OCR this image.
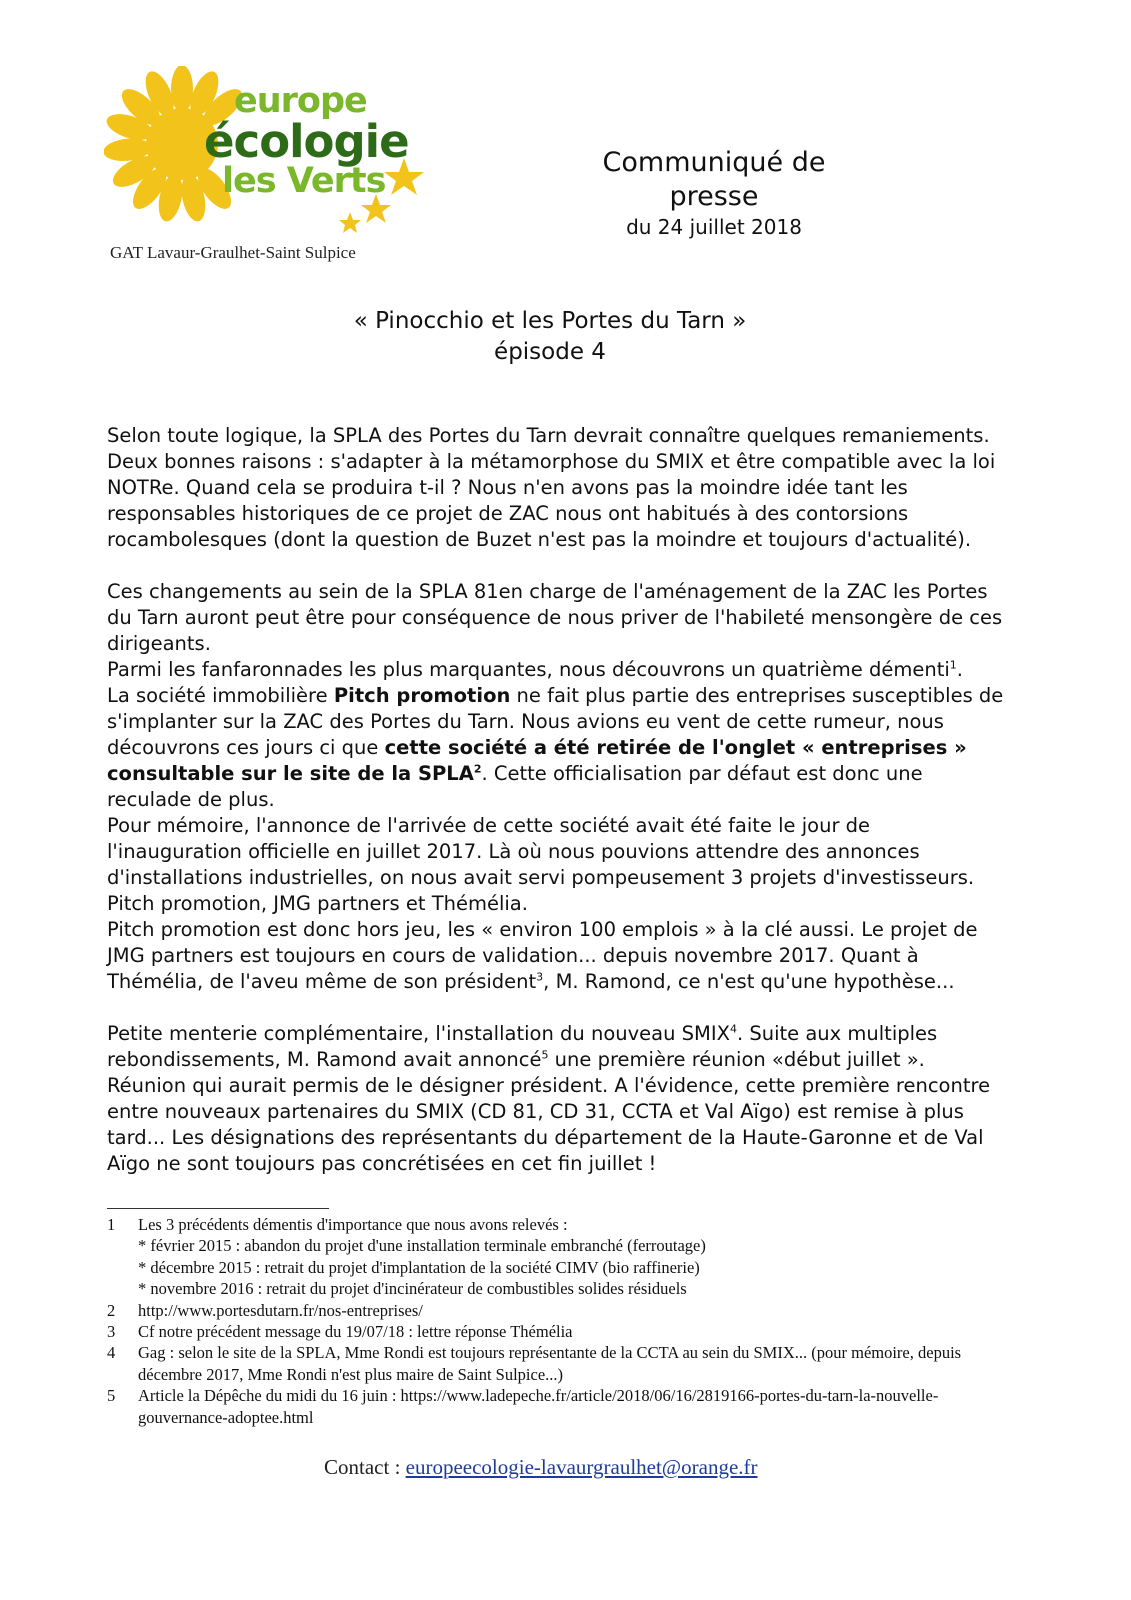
europe
écologie
les Verts
GAT Lavaur-Graulhet-Saint Sulpice
Communiqué de presse
du 24 juillet 2018
« Pinocchio et les Portes du Tarn »
épisode 4

Selon toute logique, la SPLA des Portes du Tarn devrait connaître quelques remaniements. Deux bonnes raisons : s'adapter à la métamorphose du SMIX et être compatible avec la loi NOTRe. Quand cela se produira t-il ? Nous n'en avons pas la moindre idée tant les responsables historiques de ce projet de ZAC nous ont habitués à des contorsions rocambolesques (dont la question de Buzet n'est pas la moindre et toujours d'actualité).

Ces changements au sein de la SPLA 81en charge de l'aménagement de la ZAC les Portes du Tarn auront peut être pour conséquence de nous priver de l'habileté mensongère de ces dirigeants.

Parmi les fanfaronnades les plus marquantes, nous découvrons un quatrième démenti$^1$.

La société immobilière Pitch promotion ne fait plus partie des entreprises susceptibles de s'implanter sur la ZAC des Portes du Tarn. Nous avions eu vent de cette rumeur, nous découvrons ces jours ci que cette société a été retirée de l'onglet « entreprises » consultable sur le site de la SPLA$^2$. Cette officialisation par défaut est donc une reculade de plus.

Pour mémoire, l'annonce de l'arrivée de cette société avait été faite le jour de l'inauguration officielle en juillet 2017. Là où nous pouvions attendre des annonces d'installations industrielles, on nous avait servi pompeusement 3 projets d'investisseurs. Pitch promotion, JMG partners et Thémélia.

Pitch promotion est donc hors jeu, les « environ 100 emplois » à la clé aussi. Le projet de JMG partners est toujours en cours de validation... depuis novembre 2017. Quant à Thémélia, de l'aveu même de son président$^3$, M. Ramond, ce n'est qu'une hypothèse...

Petite menterie complémentaire, l'installation du nouveau SMIX$^4$. Suite aux multiples rebondissements, M. Ramond avait annoncé$^5$ une première réunion «début juillet ». Réunion qui aurait permis de le désigner président. A l'évidence, cette première rencontre entre nouveaux partenaires du SMIX (CD 81, CD 31, CCTA et Val Aïgo) est remise à plus tard... Les désignations des représentants du département de la Haute-Garonne et de Val Aïgo ne sont toujours pas concrétisées en cet fin juillet !

1	Les 3 précédents démentis d'importance que nous avons relevés :
* février 2015 : abandon du projet d'une installation terminale embranché (ferroutage)
* décembre 2015 : retrait du projet d'implantation de la société CIMV (bio raffinerie)
* novembre 2016 : retrait du projet d'incinérateur de combustibles solides résiduels
2	http://www.portesdutarn.fr/nos-entreprises/
3	Cf notre précédent message du 19/07/18 : lettre réponse Thémélia
4	Gag : selon le site de la SPLA, Mme Rondi est toujours représentante de la CCTA au sein du SMIX... (pour mémoire, depuis décembre 2017, Mme Rondi n'est plus maire de Saint Sulpice...)
5	Article la Dépêche du midi du 16 juin : https://www.ladepeche.fr/article/2018/06/16/2819166-portes-du-tarn-la-nouvelle-gouvernance-adoptee.html
Contact : europeecologie-lavaurgraulhet@orange.fr
